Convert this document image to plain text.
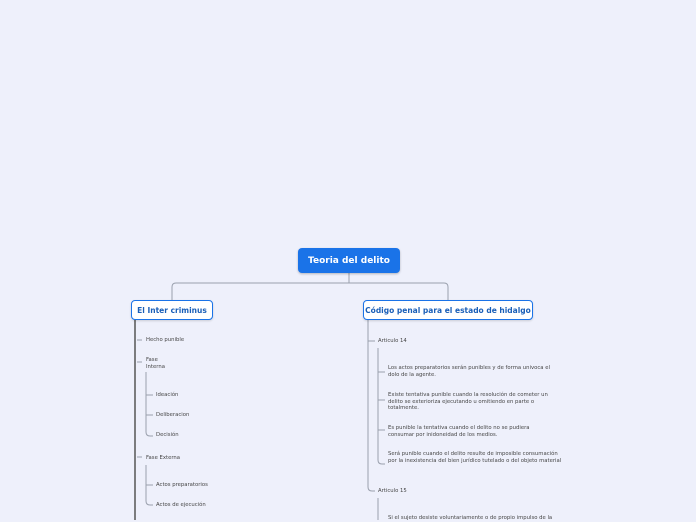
Teoria del delito
El Inter criminus	Código penal para el estado de hidalgo
Hecho punible
Fase
Interna
Ideación
Deliberacion
Decisión
Fase Externa
Actos preparatorios
Actos de ejecución
Articulo 14
Los actos preparatorios serán punibles y de forma univoca el dolo de la agente.
Existe tentativa punible cuando la resolución de cometer un delito se exterioriza ejecutando u omitiendo en parte o totalmente.
Es punible la tentativa cuando el delito no se pudiera consumar por inidoneidad de los medios.
Será punible cuando el delito resulte de imposible consumación por la inexistencia del bien jurídico tutelado o del objeto material
Articulo 15
Si el sujeto desiste voluntariamente o de propio impulso de la
